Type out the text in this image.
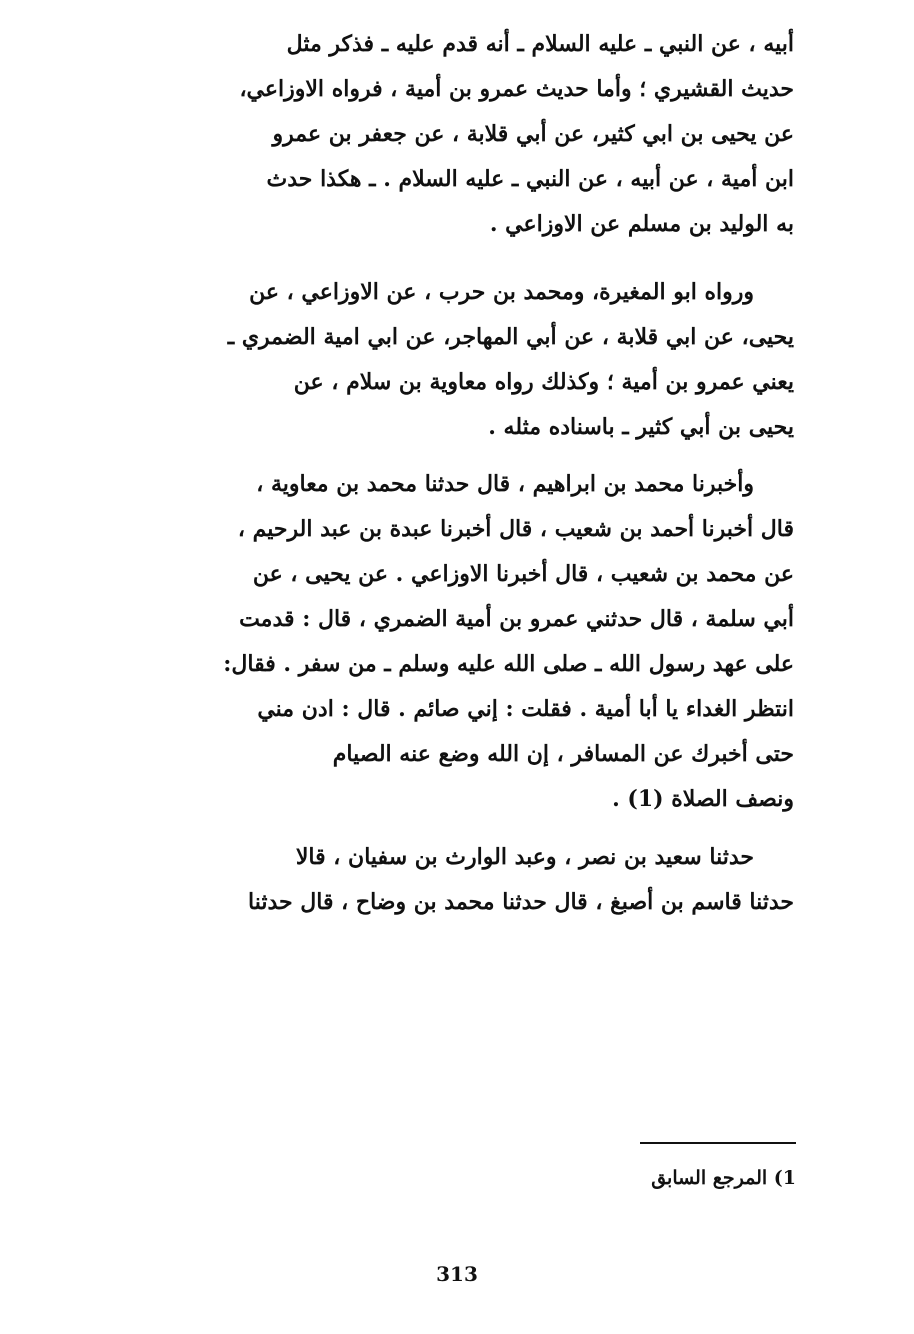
أبيه ، عن النبي ـ عليه السلام ـ أنه قدم عليه ـ فذكر مثل
حديث القشيري ؛ وأما حديث عمرو بن أمية ، فرواه الاوزاعي،
عن يحيى بن ابي كثير، عن أبي قلابة ، عن جعفر بن عمرو
ابن أمية ، عن أبيه ، عن النبي ـ عليه السلام . ـ هكذا حدث
به الوليد بن مسلم عن الاوزاعي .
ورواه ابو المغيرة، ومحمد بن حرب ، عن الاوزاعي ، عن
يحيى، عن ابي قلابة ، عن أبي المهاجر، عن ابي امية الضمري ـ
يعني عمرو بن أمية ؛ وكذلك رواه معاوية بن سلام ، عن
يحيى بن أبي كثير ـ باسناده مثله .
وأخبرنا محمد بن ابراهيم ، قال حدثنا محمد بن معاوية ،
قال أخبرنا أحمد بن شعيب ، قال أخبرنا عبدة بن عبد الرحيم ،
عن محمد بن شعيب ، قال أخبرنا الاوزاعي . عن يحيى ، عن
أبي سلمة ، قال حدثني عمرو بن أمية الضمري ، قال : قدمت
على عهد رسول الله ـ صلى الله عليه وسلم ـ من سفر . فقال:
انتظر الغداء يا أبا أمية . فقلت : إني صائم . قال : ادن مني
حتى أخبرك عن المسافر ، إن الله وضع عنه الصيام
ونصف الصلاة (1) .
حدثنا سعيد بن نصر ، وعبد الوارث بن سفيان ، قالا
حدثنا قاسم بن أصبغ ، قال حدثنا محمد بن وضاح ، قال حدثنا
1) المرجع السابق
313
